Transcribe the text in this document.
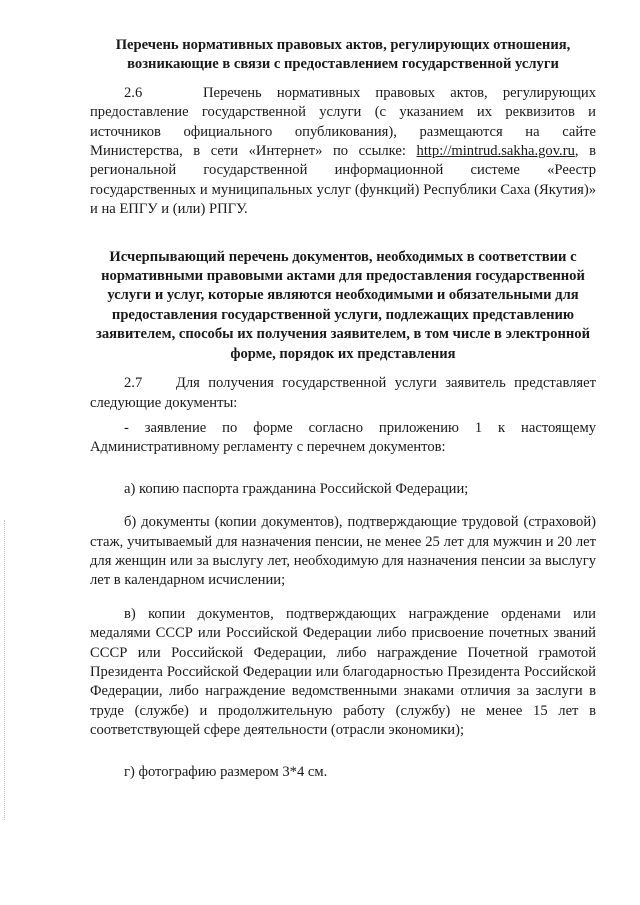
Перечень нормативных правовых актов, регулирующих отношения, возникающие в связи с предоставлением государственной услуги

2.6	Перечень нормативных правовых актов, регулирующих предоставление государственной услуги (с указанием их реквизитов и источников официального опубликования), размещаются на сайте Министерства, в сети «Интернет» по ссылке: http://mintrud.sakha.gov.ru, в региональной государственной информационной системе «Реестр государственных и муниципальных услуг (функций) Республики Саха (Якутия)» и на ЕПГУ и (или) РПГУ.

Исчерпывающий перечень документов, необходимых в соответствии с нормативными правовыми актами для предоставления государственной услуги и услуг, которые являются необходимыми и обязательными для предоставления государственной услуги, подлежащих представлению заявителем, способы их получения заявителем, в том числе в электронной форме, порядок их представления

2.7 Для получения государственной услуги заявитель представляет следующие документы:

- заявление по форме согласно приложению 1 к настоящему Административному регламенту с перечнем документов:

а) копию паспорта гражданина Российской Федерации;

б) документы (копии документов), подтверждающие трудовой (страховой) стаж, учитываемый для назначения пенсии, не менее 25 лет для мужчин и 20 лет для женщин или за выслугу лет, необходимую для назначения пенсии за выслугу лет в календарном исчислении;

в) копии документов, подтверждающих награждение орденами или медалями СССР или Российской Федерации либо присвоение почетных званий СССР или Российской Федерации, либо награждение Почетной грамотой Президента Российской Федерации или благодарностью Президента Российской Федерации, либо награждение ведомственными знаками отличия за заслуги в труде (службе) и продолжительную работу (службу) не менее 15 лет в соответствующей сфере деятельности (отрасли экономики);

г) фотографию размером 3*4 см.
